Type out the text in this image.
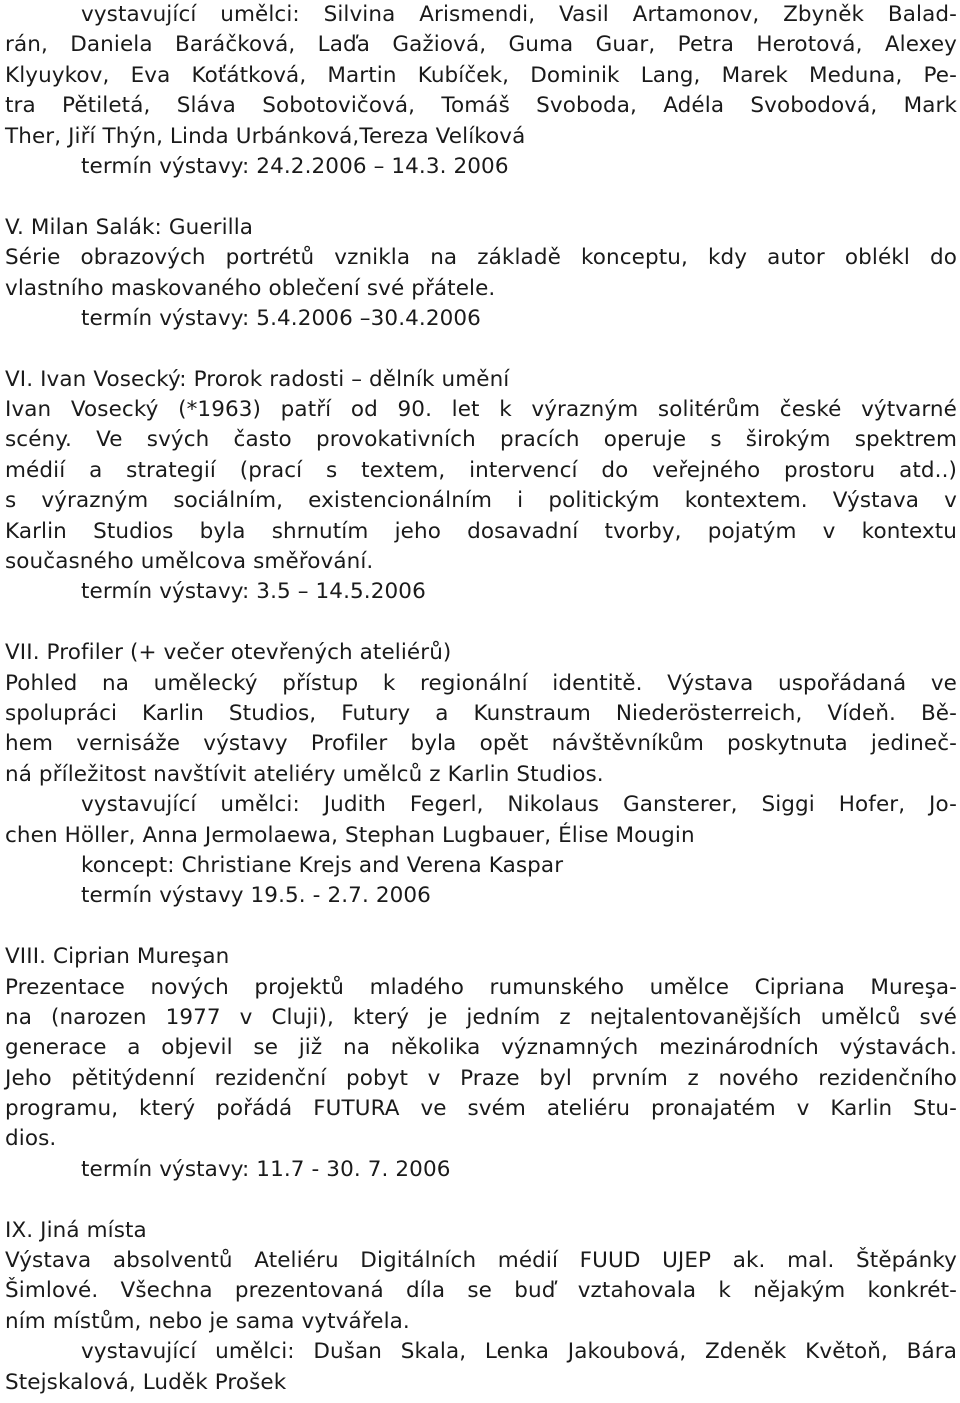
vystavující umělci: Silvina Arismendi, Vasil Artamonov, Zbyněk Balad-
rán, Daniela Baráčková, Laďa Gažiová, Guma Guar, Petra Herotová, Alexey
Klyuykov, Eva Koťátková, Martin Kubíček, Dominik Lang, Marek Meduna, Pe-
tra Pětiletá, Sláva Sobotovičová, Tomáš Svoboda, Adéla Svobodová, Mark
Ther, Jiří Thýn, Linda Urbánková,Tereza Velíková
termín výstavy: 24.2.2006 – 14.3. 2006
V. Milan Salák: Guerilla
Série obrazových portrétů vznikla na základě konceptu, kdy autor oblékl do
vlastního maskovaného oblečení své přátele.
termín výstavy: 5.4.2006 –30.4.2006
VI. Ivan Vosecký: Prorok radosti – dělník umění
Ivan Vosecký (*1963) patří od 90. let k výrazným solitérům české výtvarné
scény. Ve svých často provokativních pracích operuje s širokým spektrem
médií a strategií (prací s textem, intervencí do veřejného prostoru atd..)
s výrazným sociálním, existencionálním i politickým kontextem. Výstava v
Karlin Studios byla shrnutím jeho dosavadní tvorby, pojatým v kontextu
současného umělcova směřování.
termín výstavy: 3.5 – 14.5.2006
VII. Profiler (+ večer otevřených ateliérů)
Pohled na umělecký přístup k regionální identitě. Výstava uspořádaná ve
spolupráci Karlin Studios, Futury a Kunstraum Niederösterreich, Vídeň. Bě-
hem vernisáže výstavy Profiler byla opět návštěvníkům poskytnuta jedineč-
ná příležitost navštívit ateliéry umělců z Karlin Studios.
vystavující umělci: Judith Fegerl, Nikolaus Gansterer, Siggi Hofer, Jo-
chen Höller, Anna Jermolaewa, Stephan Lugbauer, Élise Mougin
koncept: Christiane Krejs and Verena Kaspar
termín výstavy 19.5. - 2.7. 2006
VIII. Ciprian Mureşan
Prezentace nových projektů mladého rumunského umělce Cipriana Mureşa-
na (narozen 1977 v Cluji), který je jedním z nejtalentovanějších umělců své
generace a objevil se již na několika významných mezinárodních výstavách.
Jeho pětitýdenní rezidenční pobyt v Praze byl prvním z nového rezidenčního
programu, který pořádá FUTURA ve svém ateliéru pronajatém v Karlin Stu-
dios.
termín výstavy: 11.7 - 30. 7. 2006
IX. Jiná místa
Výstava absolventů Ateliéru Digitálních médií FUUD UJEP ak. mal. Štěpánky
Šimlové. Všechna prezentovaná díla se buď vztahovala k nějakým konkrét-
ním místům, nebo je sama vytvářela.
vystavující umělci: Dušan Skala, Lenka Jakoubová, Zdeněk Květoň, Bára
Stejskalová, Luděk Prošek
